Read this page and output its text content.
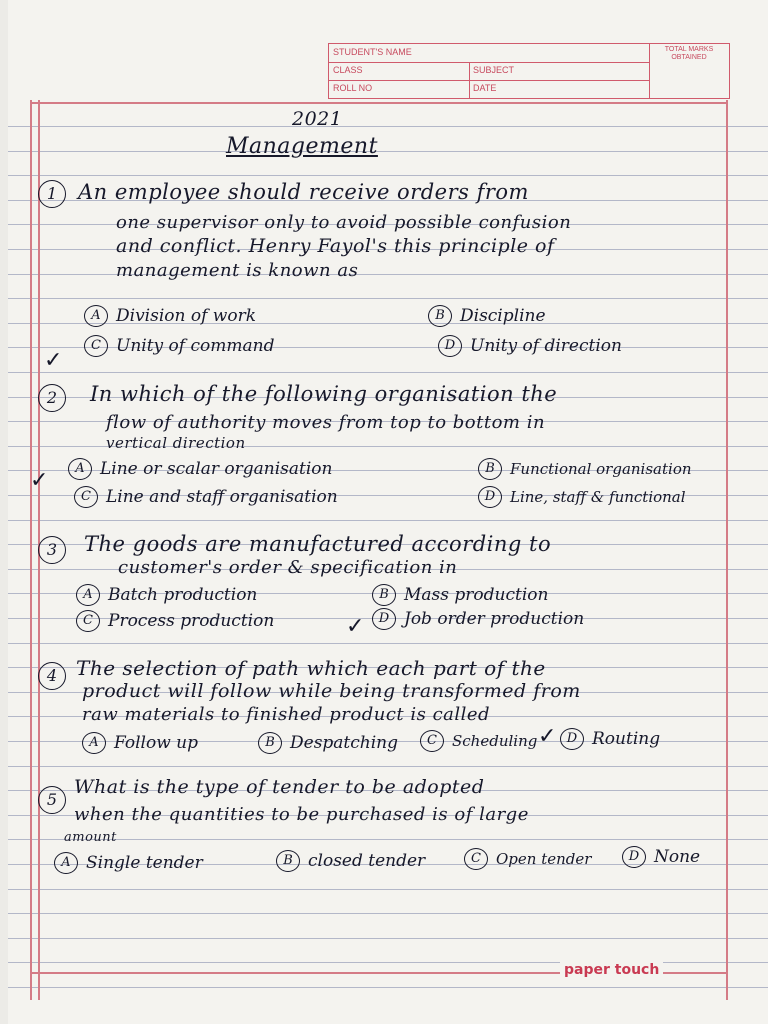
STUDENT'S NAME	TOTAL MARKS OBTAINED
CLASS	SUBJECT
ROLL NO	DATE
2021
Management
1 An employee should receive orders from
one supervisor only to avoid possible confusion
and conflict. Henry Fayol's this principle of
management is known as
A Division of work	B Discipline
C Unity of command	D Unity of direction
✓
2	In which of the following organisation the
flow of authority moves from top to bottom in
vertical direction
A Line or scalar organisation	B Functional organisation
C Line and staff organisation	D Line, staff & functional
✓
3	The goods are manufactured according to
customer's order & specification in
A Batch production	B Mass production
C Process production	D Job order production
✓
4 The selection of path which each part of the
product will follow while being transformed from
raw materials to finished product is called
A Follow up	B Despatching	C Scheduling	D Routing
✓
5
What is the type of tender to be adopted
when the quantities to be purchased is of large
amount
A Single tender	B closed tender	C Open tender	D None
paper touch
